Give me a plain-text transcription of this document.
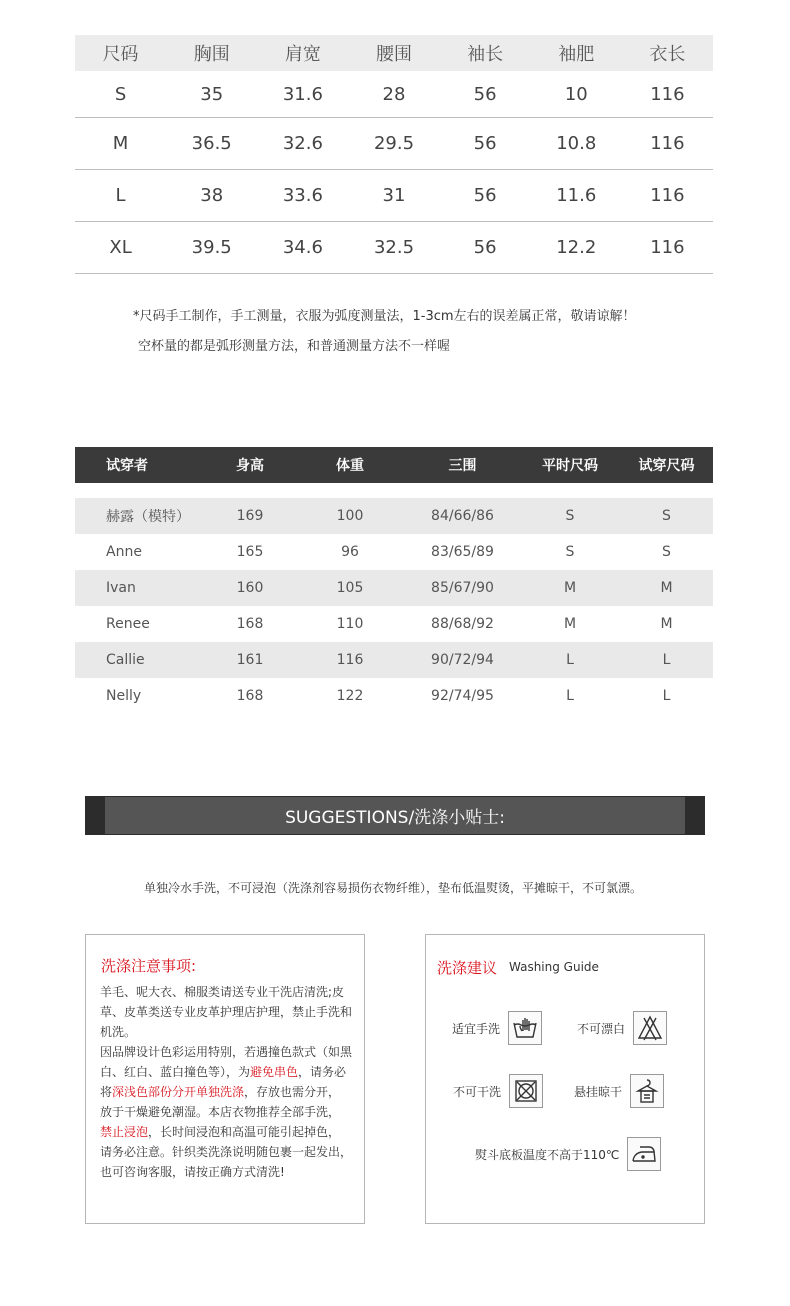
尺码	胸围	肩宽	腰围	袖长	袖肥	衣长
S	35	31.6	28	56	10	116
M	36.5	32.6	29.5	56	10.8	116
L	38	33.6	31	56	11.6	116
XL	39.5	34.6	32.5	56	12.2	116
*尺码手工制作，手工测量，衣服为弧度测量法，1-3cm左右的误差属正常，敬请谅解！
空杯量的都是弧形测量方法，和普通测量方法不一样喔
试穿者	身高	体重	三围	平时尺码	试穿尺码
赫露（模特）	169	100	84/66/86	S	S
Anne	165	96	83/65/89	S	S
Ivan	160	105	85/67/90	M	M
Renee	168	110	88/68/92	M	M
Callie	161	116	90/72/94	L	L
Nelly	168	122	92/74/95	L	L
SUGGESTIONS/洗涤小贴士:
单独冷水手洗，不可浸泡（洗涤剂容易损伤衣物纤维），垫布低温熨烫，平摊晾干，不可氯漂。
洗涤注意事项:
羊毛、呢大衣、棉服类请送专业干洗店清洗;皮草、皮革类送专业皮革护理店护理，禁止手洗和机洗。
因品牌设计色彩运用特别，若遇撞色款式（如黑白、红白、蓝白撞色等），为避免串色，请务必将深浅色部份分开单独洗涤，存放也需分开，放于干燥避免潮湿。本店衣物推荐全部手洗，禁止浸泡，长时间浸泡和高温可能引起掉色，请务必注意。针织类洗涤说明随包裹一起发出，也可咨询客服，请按正确方式清洗!
洗涤建议 Washing Guide
适宜手洗	不可漂白
不可干洗	悬挂晾干
熨斗底板温度不高于110℃
